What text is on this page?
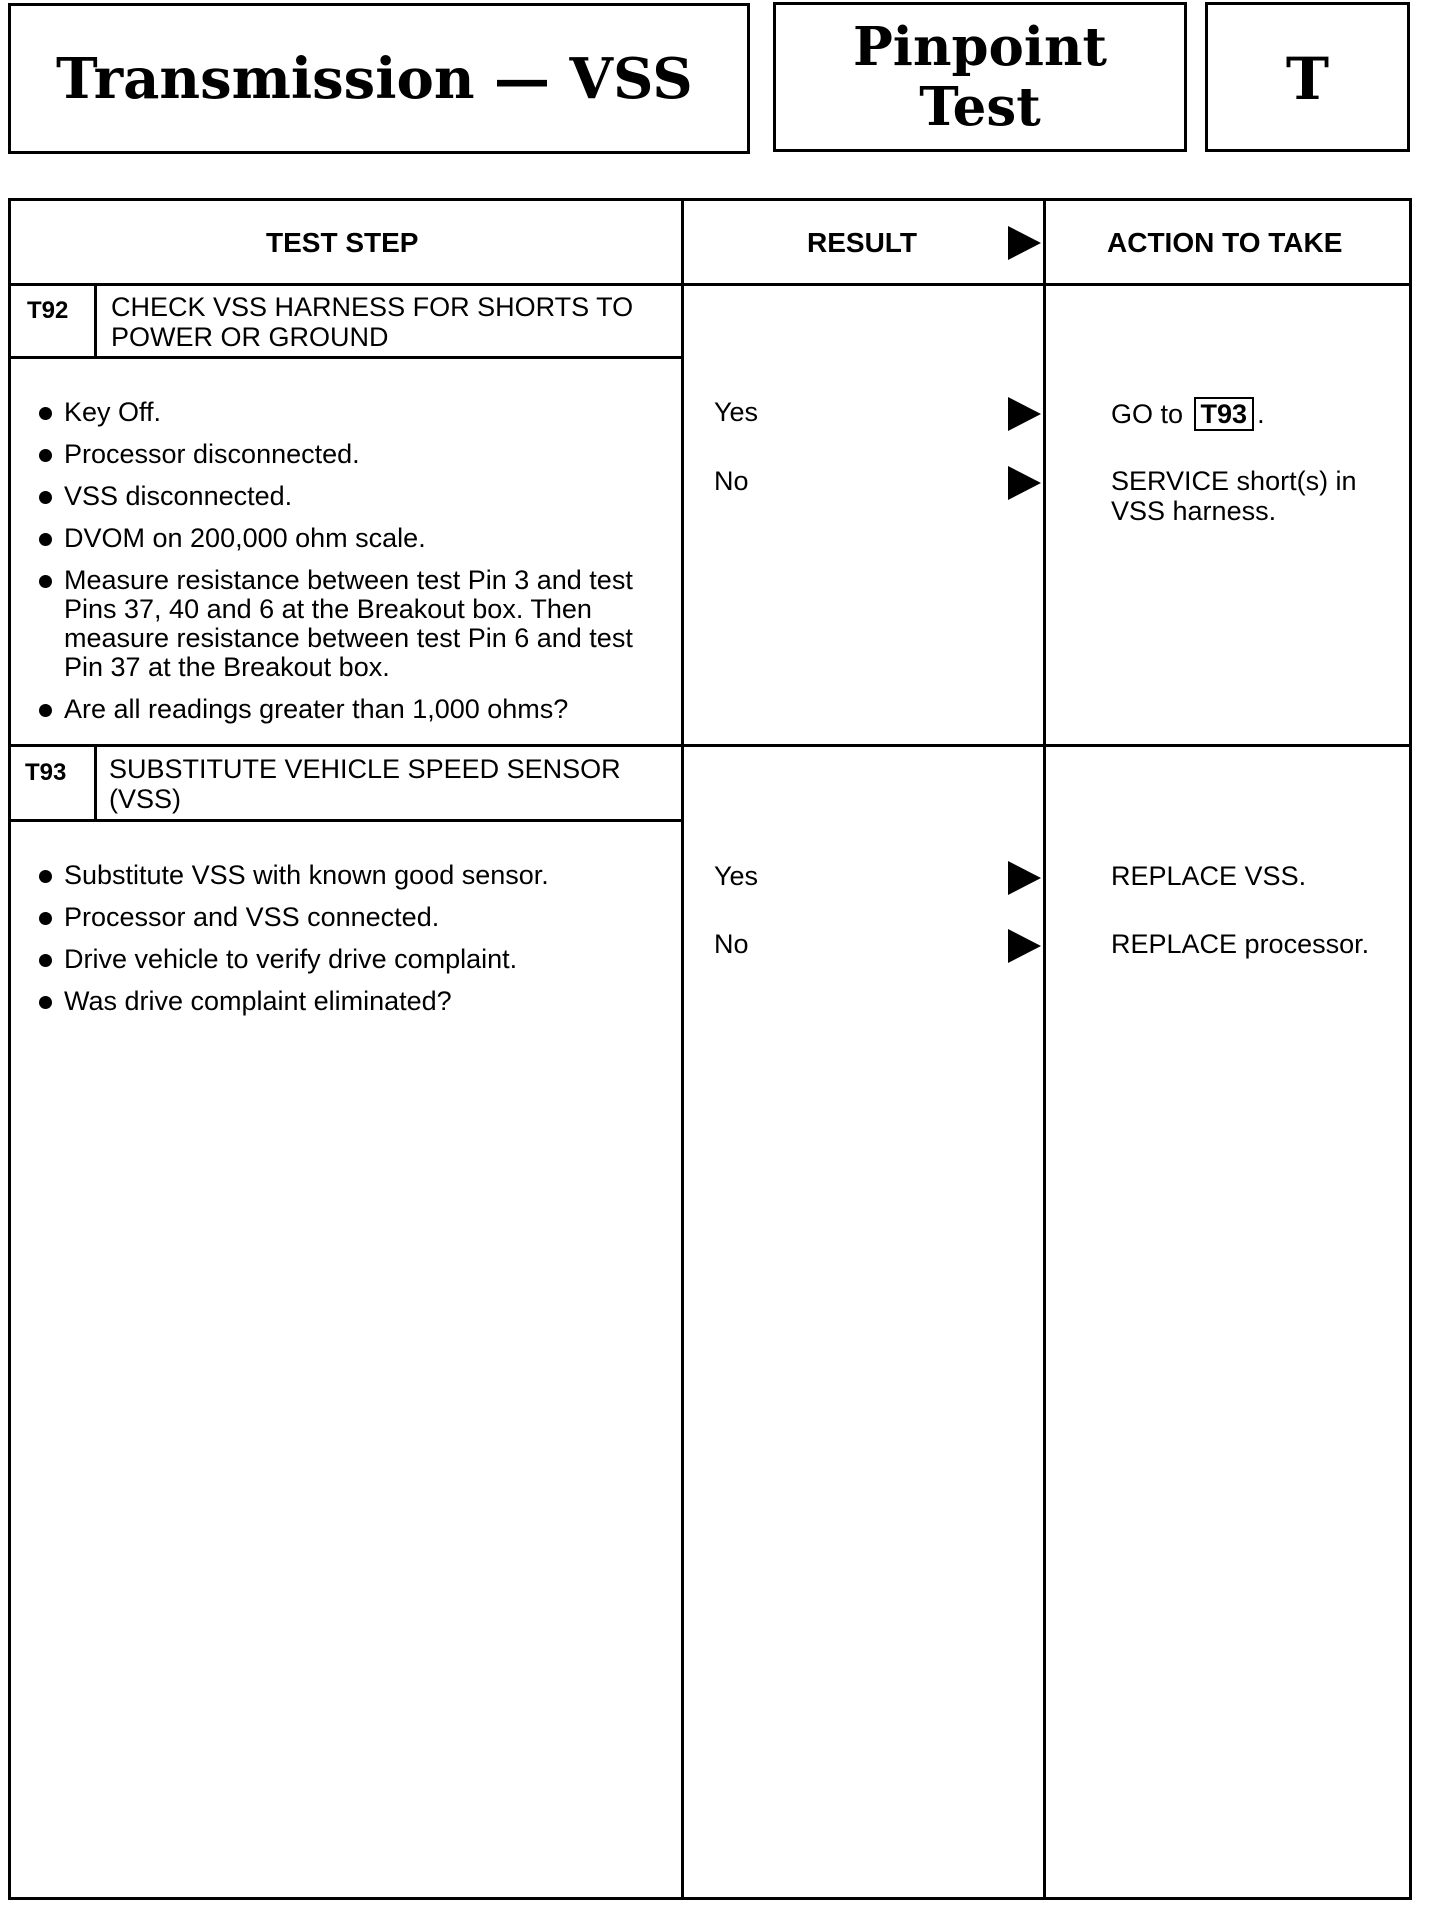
Transmission — VSS	Pinpoint
Test	T
TEST STEP	RESULT	ACTION TO TAKE
T92 CHECK VSS HARNESS FOR SHORTS TO
POWER OR GROUND
Key Off.
Processor disconnected.
VSS disconnected.
DVOM on 200,000 ohm scale.
Measure resistance between test Pin 3 and test Pins 37, 40 and 6 at the Breakout box. Then measure resistance between test Pin 6 and test Pin 37 at the Breakout box.
Are all readings greater than 1,000 ohms?
Yes	GO to T93 .
No	SERVICE short(s) in
VSS harness.
T93 SUBSTITUTE VEHICLE SPEED SENSOR
(VSS)
Substitute VSS with known good sensor.
Processor and VSS connected.
Drive vehicle to verify drive complaint.
Was drive complaint eliminated?
Yes	REPLACE VSS.
No	REPLACE processor.
